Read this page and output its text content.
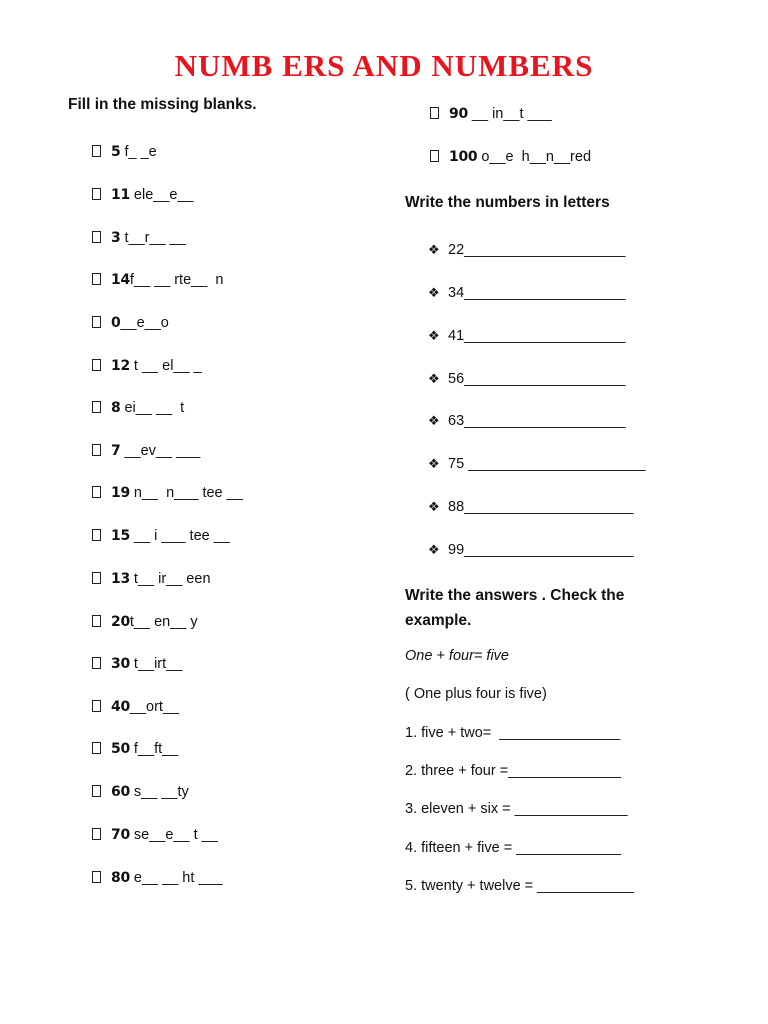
NUMB ERS AND NUMBERS
Fill in the missing blanks.
5 f_ _e
11 ele__e__
3 t__r__ __
14f__ __ rte__  n
0__e__o
12 t __ el__ _
8 ei__ __  t
7 __ev__ ___
19 n__  n___ tee __
15 __ i ___ tee __
13 t__ ir__ een
20t__ en__ y
30 t__irt__
40__ort__
50 f__ft__
60 s__ __ty
70 se__e__ t __
80 e__ __ ht ___
90 __ in__t ___
100 o__e  h__n__red
Write the numbers in letters
❖ 22____________________
❖ 34____________________
❖ 41____________________
❖ 56____________________
❖ 63____________________
❖ 75 ______________________
❖ 88_____________________
❖ 99_____________________
Write the answers . Check the
example.
One + four= five
( One plus four is five)
1. five + two=  _______________
2. three + four =______________
3. eleven + six = ______________
4. fifteen + five = _____________
5. twenty + twelve = ____________
